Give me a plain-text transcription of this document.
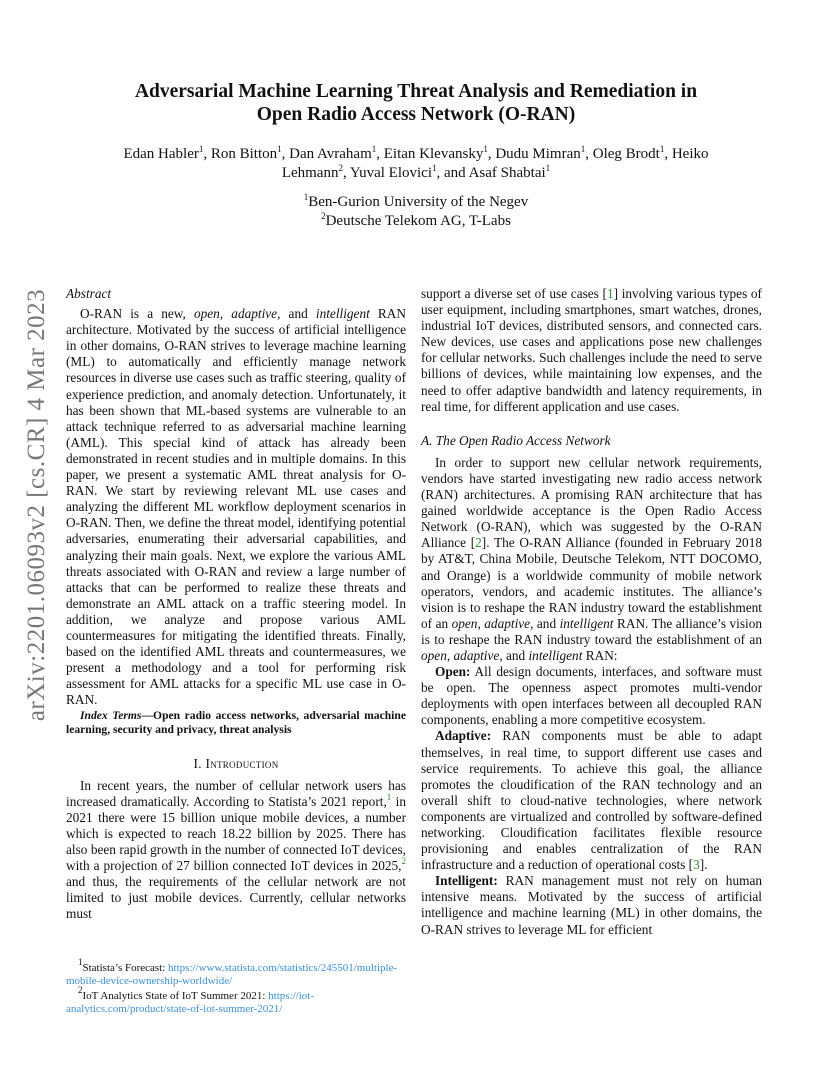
arXiv:2201.06093v2 [cs.CR] 4 Mar 2023
Adversarial Machine Learning Threat Analysis and Remediation in
Open Radio Access Network (O-RAN)
Edan Habler$^1$, Ron Bitton$^1$, Dan Avraham$^1$, Eitan Klevansky$^1$, Dudu Mimran$^1$, Oleg Brodt$^1$, Heiko
Lehmann$^2$, Yuval Elovici$^1$, and Asaf Shabtai$^1$
$^1$Ben-Gurion University of the Negev
$^2$Deutsche Telekom AG, T-Labs
Abstract

O-RAN is a new, open, adaptive, and intelligent RAN architecture. Motivated by the success of artificial intelligence in other domains, O-RAN strives to leverage machine learning (ML) to automatically and efficiently manage network resources in diverse use cases such as traffic steering, quality of experience prediction, and anomaly detection. Unfortunately, it has been shown that ML-based systems are vulnerable to an attack technique referred to as adversarial machine learning (AML). This special kind of attack has already been demonstrated in recent studies and in multiple domains. In this paper, we present a systematic AML threat analysis for O-RAN. We start by reviewing relevant ML use cases and analyzing the different ML workflow deployment scenarios in O-RAN. Then, we define the threat model, identifying potential adversaries, enumerating their adversarial capabilities, and analyzing their main goals. Next, we explore the various AML threats associated with O-RAN and review a large number of attacks that can be performed to realize these threats and demonstrate an AML attack on a traffic steering model. In addition, we analyze and propose various AML countermeasures for mitigating the identified threats. Finally, based on the identified AML threats and countermeasures, we present a methodology and a tool for performing risk assessment for AML attacks for a specific ML use case in O-RAN.

Index Terms—Open radio access networks, adversarial machine learning, security and privacy, threat analysis
I. Introduction

In recent years, the number of cellular network users has increased dramatically. According to Statista’s 2021 report,$^1$ in 2021 there were 15 billion unique mobile devices, a number which is expected to reach 18.22 billion by 2025. There has also been rapid growth in the number of connected IoT devices, with a projection of 27 billion connected IoT devices in 2025,$^2$ and thus, the requirements of the cellular network are not limited to just mobile devices. Currently, cellular networks must

support a diverse set of use cases [1] involving various types of user equipment, including smartphones, smart watches, drones, industrial IoT devices, distributed sensors, and connected cars. New devices, use cases and applications pose new challenges for cellular networks. Such challenges include the need to serve billions of devices, while maintaining low expenses, and the need to offer adaptive bandwidth and latency requirements, in real time, for different application and use cases.

A. The Open Radio Access Network

In order to support new cellular network requirements, vendors have started investigating new radio access network (RAN) architectures. A promising RAN architecture that has gained worldwide acceptance is the Open Radio Access Network (O-RAN), which was suggested by the O-RAN Alliance [2]. The O-RAN Alliance (founded in February 2018 by AT&T, China Mobile, Deutsche Telekom, NTT DOCOMO, and Orange) is a worldwide community of mobile network operators, vendors, and academic institutes. The alliance’s vision is to reshape the RAN industry toward the establishment of an open, adaptive, and intelligent RAN. The alliance’s vision is to reshape the RAN industry toward the establishment of an open, adaptive, and intelligent RAN:

Open: All design documents, interfaces, and software must be open. The openness aspect promotes multi-vendor deployments with open interfaces between all decoupled RAN components, enabling a more competitive ecosystem.

Adaptive: RAN components must be able to adapt themselves, in real time, to support different use cases and service requirements. To achieve this goal, the alliance promotes the cloudification of the RAN technology and an overall shift to cloud-native technologies, where network components are virtualized and controlled by software-defined networking. Cloudification facilitates flexible resource provisioning and enables centralization of the RAN infrastructure and a reduction of operational costs [3].

Intelligent: RAN management must not rely on human intensive means. Motivated by the success of artificial intelligence and machine learning (ML) in other domains, the O-RAN strives to leverage ML for efficient

$^1$Statista’s Forecast: https://www.statista.com/statistics/245501/multiple-mobile-device-ownership-worldwide/
$^2$IoT Analytics State of IoT Summer 2021: https://iot-analytics.com/product/state-of-iot-summer-2021/
